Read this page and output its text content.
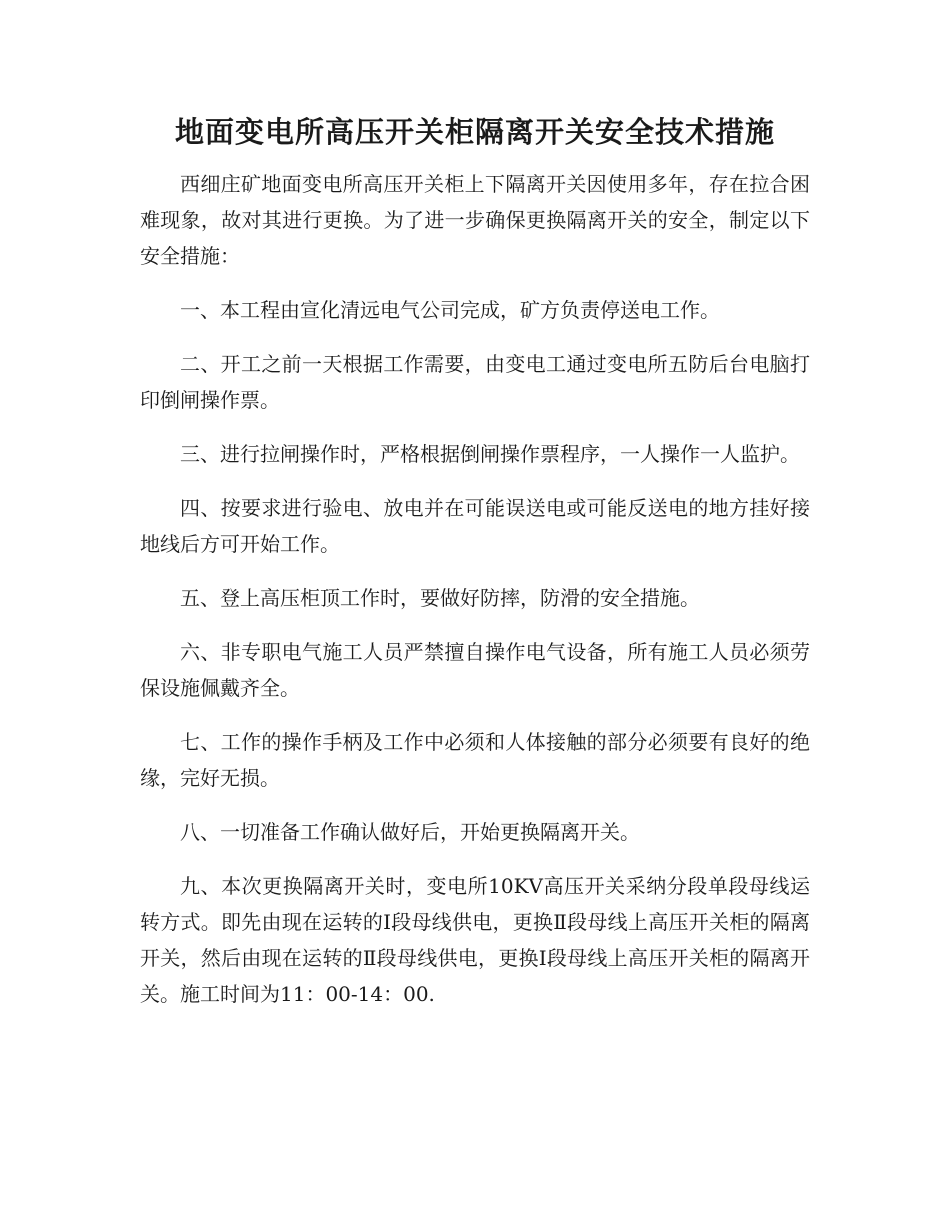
地面变电所高压开关柜隔离开关安全技术措施

西细庄矿地面变电所高压开关柜上下隔离开关因使用多年，存在拉合困难现象，故对其进行更换。为了进一步确保更换隔离开关的安全，制定以下安全措施：

一、本工程由宣化清远电气公司完成，矿方负责停送电工作。

二、开工之前一天根据工作需要，由变电工通过变电所五防后台电脑打印倒闸操作票。

三、进行拉闸操作时，严格根据倒闸操作票程序，一人操作一人监护。

四、按要求进行验电、放电并在可能误送电或可能反送电的地方挂好接地线后方可开始工作。

五、登上高压柜顶工作时，要做好防摔，防滑的安全措施。

六、非专职电气施工人员严禁擅自操作电气设备，所有施工人员必须劳保设施佩戴齐全。

七、工作的操作手柄及工作中必须和人体接触的部分必须要有良好的绝缘，完好无损。

八、一切准备工作确认做好后，开始更换隔离开关。

九、本次更换隔离开关时，变电所10KV高压开关采纳分段单段母线运转方式。即先由现在运转的Ⅰ段母线供电，更换Ⅱ段母线上高压开关柜的隔离开关，然后由现在运转的Ⅱ段母线供电，更换Ⅰ段母线上高压开关柜的隔离开关。施工时间为11：00-14：00.
